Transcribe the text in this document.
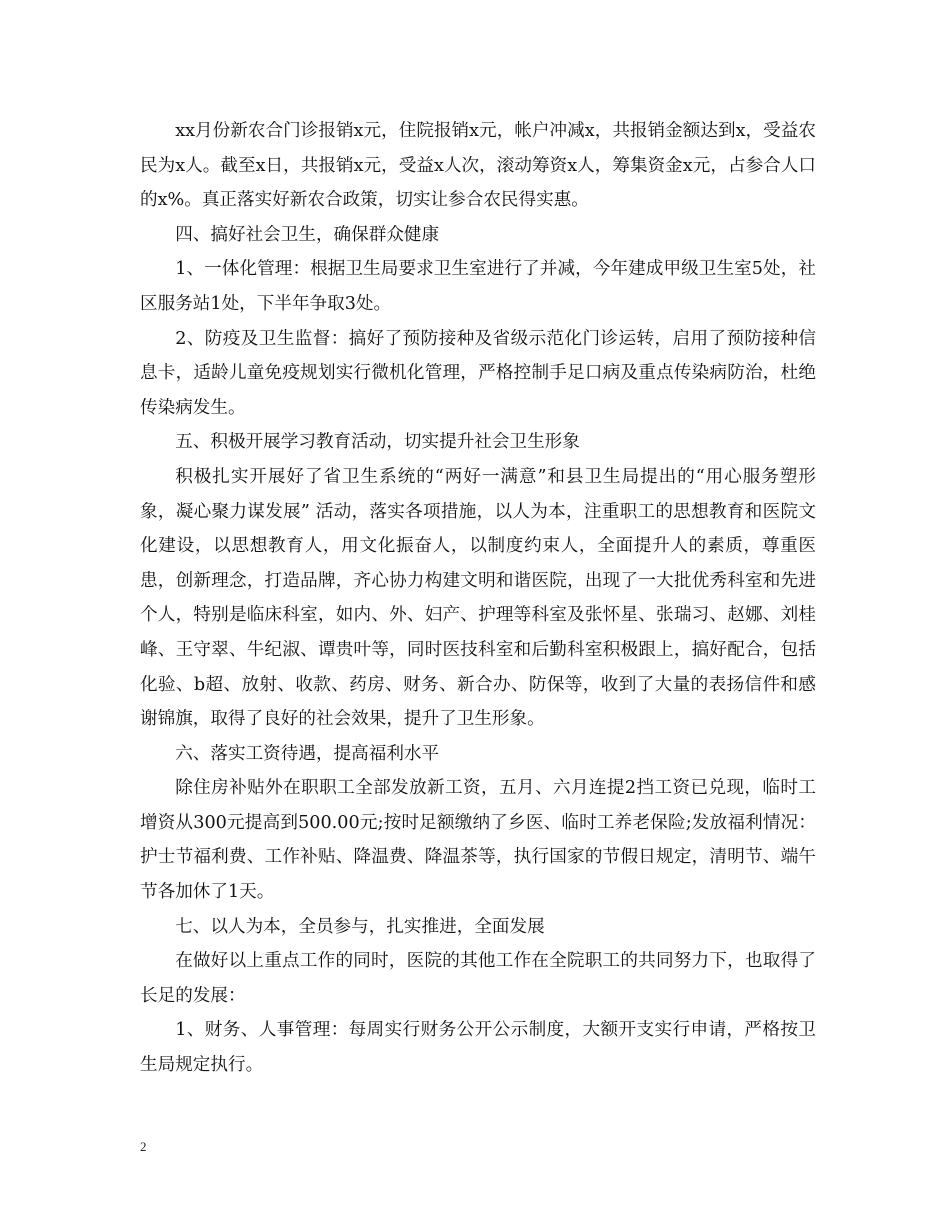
xx月份新农合门诊报销x元，住院报销x元，帐户冲减x，共报销金额达到x，受益农民为x人。截至x日，共报销x元，受益x人次，滚动筹资x人，筹集资金x元，占参合人口的x%。真正落实好新农合政策，切实让参合农民得实惠。

四、搞好社会卫生，确保群众健康

1、一体化管理：根据卫生局要求卫生室进行了并减，今年建成甲级卫生室5处，社区服务站1处，下半年争取3处。

2、防疫及卫生监督：搞好了预防接种及省级示范化门诊运转，启用了预防接种信息卡，适龄儿童免疫规划实行微机化管理，严格控制手足口病及重点传染病防治，杜绝传染病发生。

五、积极开展学习教育活动，切实提升社会卫生形象

积极扎实开展好了省卫生系统的“两好一满意”和县卫生局提出的“用心服务塑形象，凝心聚力谋发展” 活动，落实各项措施，以人为本，注重职工的思想教育和医院文化建设，以思想教育人，用文化振奋人，以制度约束人，全面提升人的素质，尊重医患，创新理念，打造品牌，齐心协力构建文明和谐医院，出现了一大批优秀科室和先进个人，特别是临床科室，如内、外、妇产、护理等科室及张怀星、张瑞习、赵娜、刘桂峰、王守翠、牛纪淑、谭贵叶等，同时医技科室和后勤科室积极跟上，搞好配合，包括化验、b超、放射、收款、药房、财务、新合办、防保等，收到了大量的表扬信件和感谢锦旗，取得了良好的社会效果，提升了卫生形象。

六、落实工资待遇，提高福利水平

除住房补贴外在职职工全部发放新工资，五月、六月连提2挡工资已兑现，临时工增资从300元提高到500.00元;按时足额缴纳了乡医、临时工养老保险;发放福利情况：护士节福利费、工作补贴、降温费、降温茶等，执行国家的节假日规定，清明节、端午节各加休了1天。

七、以人为本，全员参与，扎实推进，全面发展

在做好以上重点工作的同时，医院的其他工作在全院职工的共同努力下，也取得了长足的发展：

1、财务、人事管理：每周实行财务公开公示制度，大额开支实行申请，严格按卫生局规定执行。

2
